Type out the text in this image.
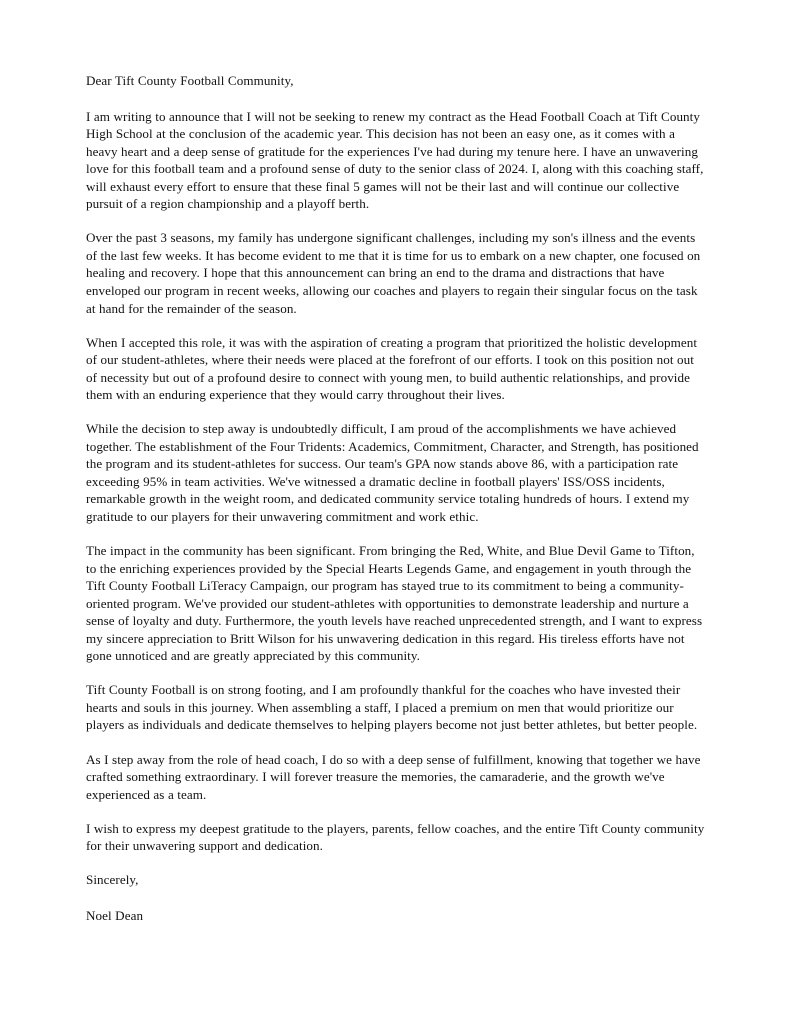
Dear Tift County Football Community,

I am writing to announce that I will not be seeking to renew my contract as the Head Football Coach at Tift County High School at the conclusion of the academic year. This decision has not been an easy one, as it comes with a heavy heart and a deep sense of gratitude for the experiences I've had during my tenure here. I have an unwavering love for this football team and a profound sense of duty to the senior class of 2024. I, along with this coaching staff, will exhaust every effort to ensure that these final 5 games will not be their last and will continue our collective pursuit of a region championship and a playoff berth.

Over the past 3 seasons, my family has undergone significant challenges, including my son's illness and the events of the last few weeks. It has become evident to me that it is time for us to embark on a new chapter, one focused on healing and recovery. I hope that this announcement can bring an end to the drama and distractions that have enveloped our program in recent weeks, allowing our coaches and players to regain their singular focus on the task at hand for the remainder of the season.

When I accepted this role, it was with the aspiration of creating a program that prioritized the holistic development of our student-athletes, where their needs were placed at the forefront of our efforts. I took on this position not out of necessity but out of a profound desire to connect with young men, to build authentic relationships, and provide them with an enduring experience that they would carry throughout their lives.

While the decision to step away is undoubtedly difficult, I am proud of the accomplishments we have achieved together. The establishment of the Four Tridents: Academics, Commitment, Character, and Strength, has positioned the program and its student-athletes for success. Our team's GPA now stands above 86, with a participation rate exceeding 95% in team activities. We've witnessed a dramatic decline in football players' ISS/OSS incidents, remarkable growth in the weight room, and dedicated community service totaling hundreds of hours. I extend my gratitude to our players for their unwavering commitment and work ethic.

The impact in the community has been significant. From bringing the Red, White, and Blue Devil Game to Tifton, to the enriching experiences provided by the Special Hearts Legends Game, and engagement in youth through the Tift County Football LiTeracy Campaign, our program has stayed true to its commitment to being a community-oriented program. We've provided our student-athletes with opportunities to demonstrate leadership and nurture a sense of loyalty and duty. Furthermore, the youth levels have reached unprecedented strength, and I want to express my sincere appreciation to Britt Wilson for his unwavering dedication in this regard. His tireless efforts have not gone unnoticed and are greatly appreciated by this community.

Tift County Football is on strong footing, and I am profoundly thankful for the coaches who have invested their hearts and souls in this journey. When assembling a staff, I placed a premium on men that would prioritize our players as individuals and dedicate themselves to helping players become not just better athletes, but better people.

As I step away from the role of head coach, I do so with a deep sense of fulfillment, knowing that together we have crafted something extraordinary. I will forever treasure the memories, the camaraderie, and the growth we've experienced as a team.

I wish to express my deepest gratitude to the players, parents, fellow coaches, and the entire Tift County community for their unwavering support and dedication.

Sincerely,

Noel Dean
